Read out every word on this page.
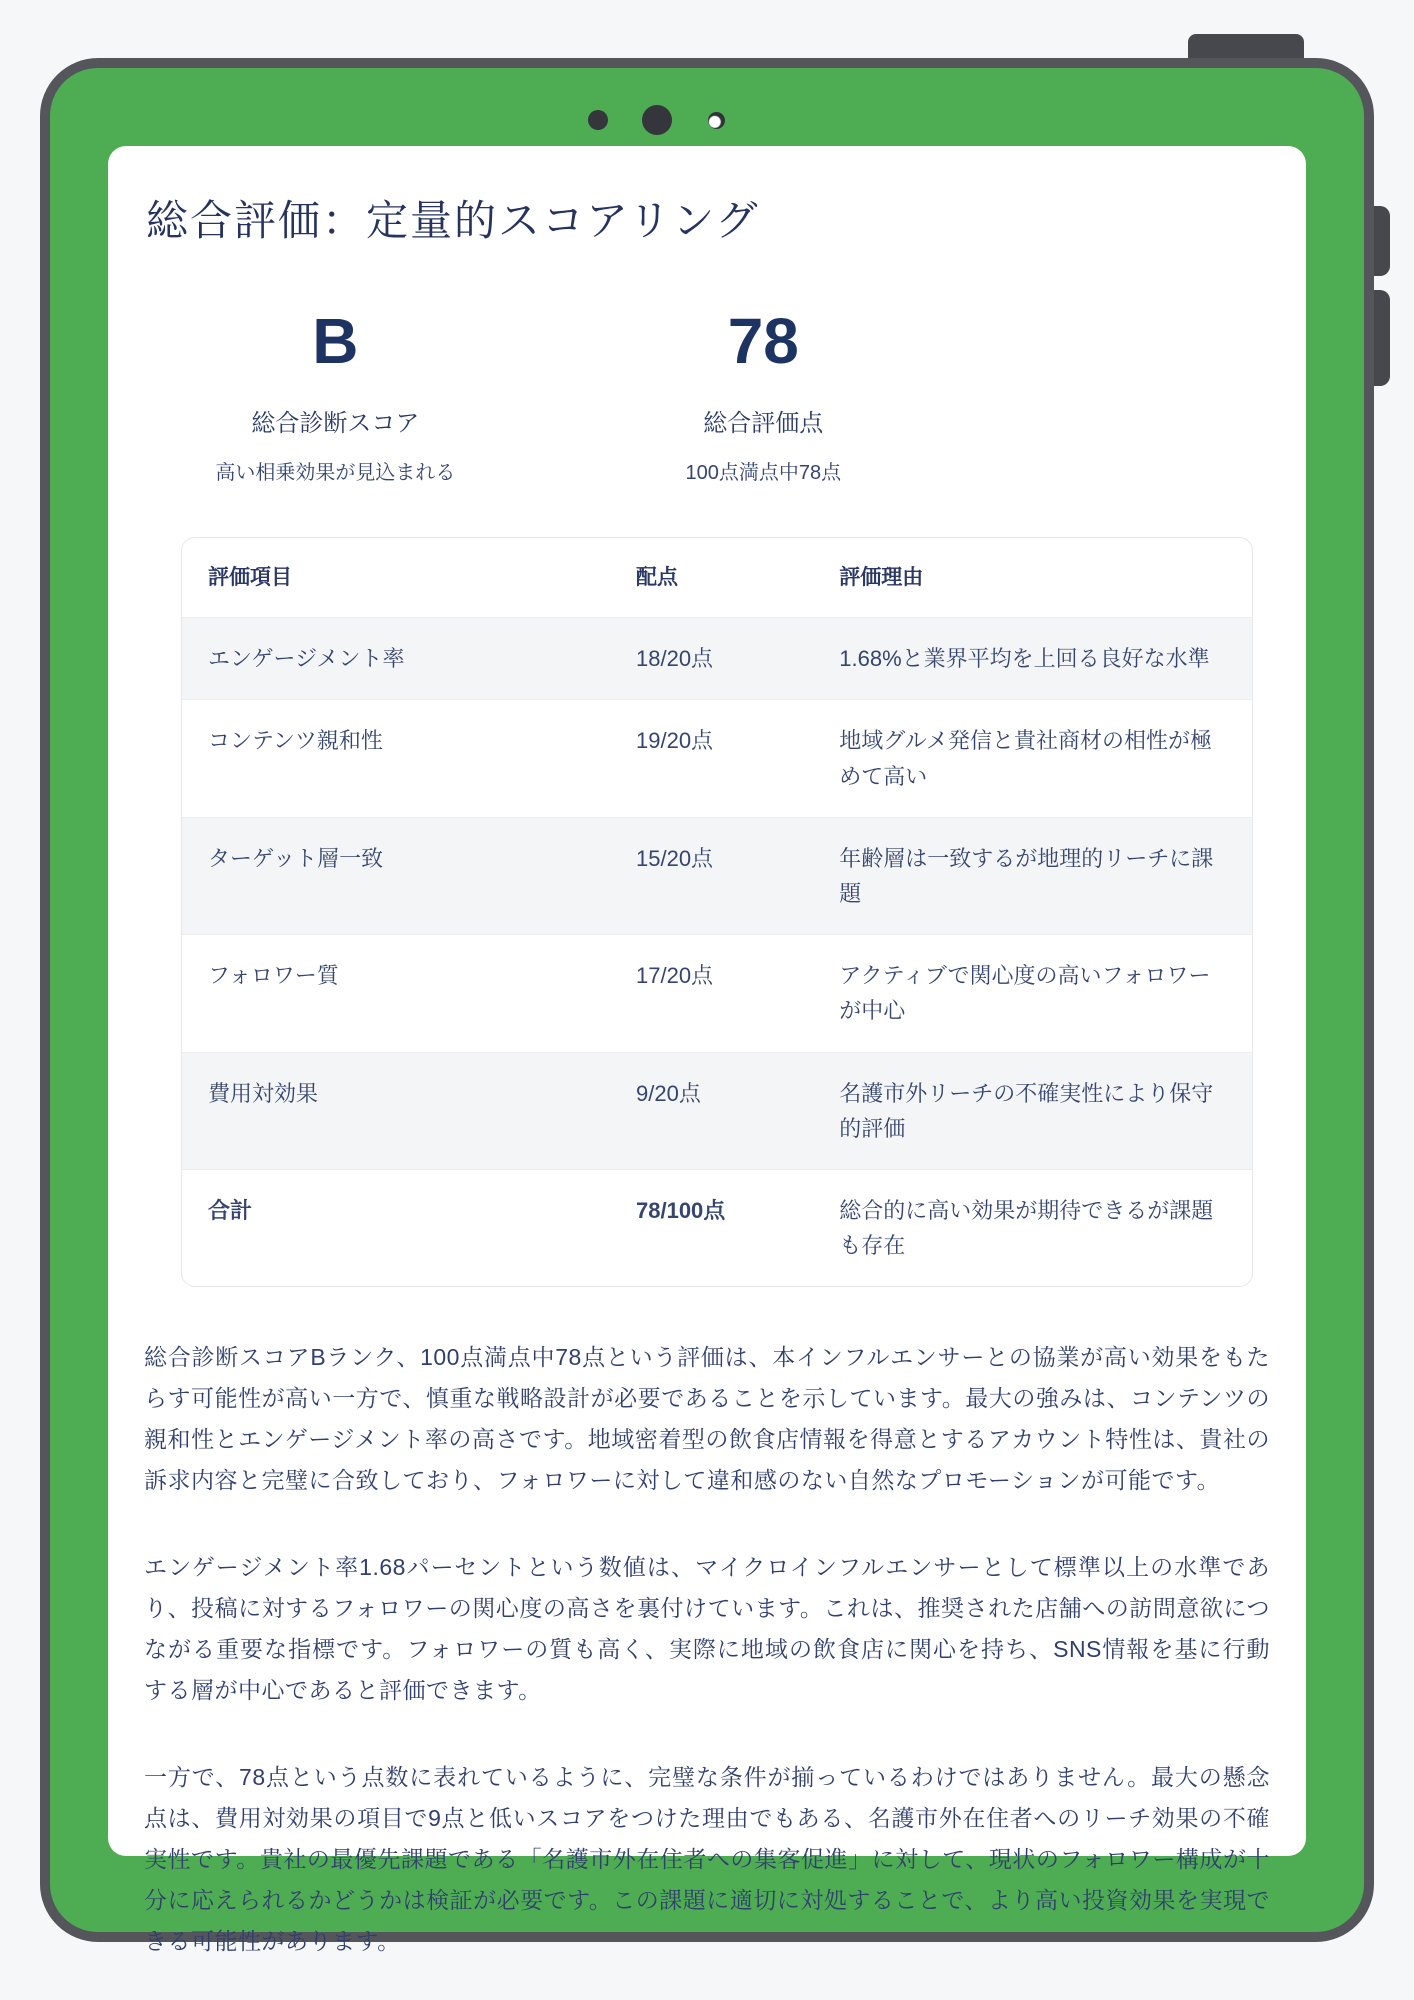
総合評価：定量的スコアリング
B
総合診断スコア
高い相乗効果が見込まれる
78
総合評価点
100点満点中78点
評価項目	配点	評価理由
エンゲージメント率	18/20点	1.68%と業界平均を上回る良好な水準
コンテンツ親和性	19/20点	地域グルメ発信と貴社商材の相性が極めて高い
ターゲット層一致	15/20点	年齢層は一致するが地理的リーチに課題
フォロワー質	17/20点	アクティブで関心度の高いフォロワーが中心
費用対効果	9/20点	名護市外リーチの不確実性により保守的評価
合計	78/100点	総合的に高い効果が期待できるが課題も存在

総合診断スコアBランク、100点満点中78点という評価は、本インフルエンサーとの協業が高い効果をもたらす可能性が高い一方で、慎重な戦略設計が必要であることを示しています。最大の強みは、コンテンツの親和性とエンゲージメント率の高さです。地域密着型の飲食店情報を得意とするアカウント特性は、貴社の訴求内容と完璧に合致しており、フォロワーに対して違和感のない自然なプロモーションが可能です。

エンゲージメント率1.68パーセントという数値は、マイクロインフルエンサーとして標準以上の水準であり、投稿に対するフォロワーの関心度の高さを裏付けています。これは、推奨された店舗への訪問意欲につながる重要な指標です。フォロワーの質も高く、実際に地域の飲食店に関心を持ち、SNS情報を基に行動する層が中心であると評価できます。

一方で、78点という点数に表れているように、完璧な条件が揃っているわけではありません。最大の懸念点は、費用対効果の項目で9点と低いスコアをつけた理由でもある、名護市外在住者へのリーチ効果の不確実性です。貴社の最優先課題である「名護市外在住者への集客促進」に対して、現状のフォロワー構成が十分に応えられるかどうかは検証が必要です。この課題に適切に対処することで、より高い投資効果を実現できる可能性があります。
